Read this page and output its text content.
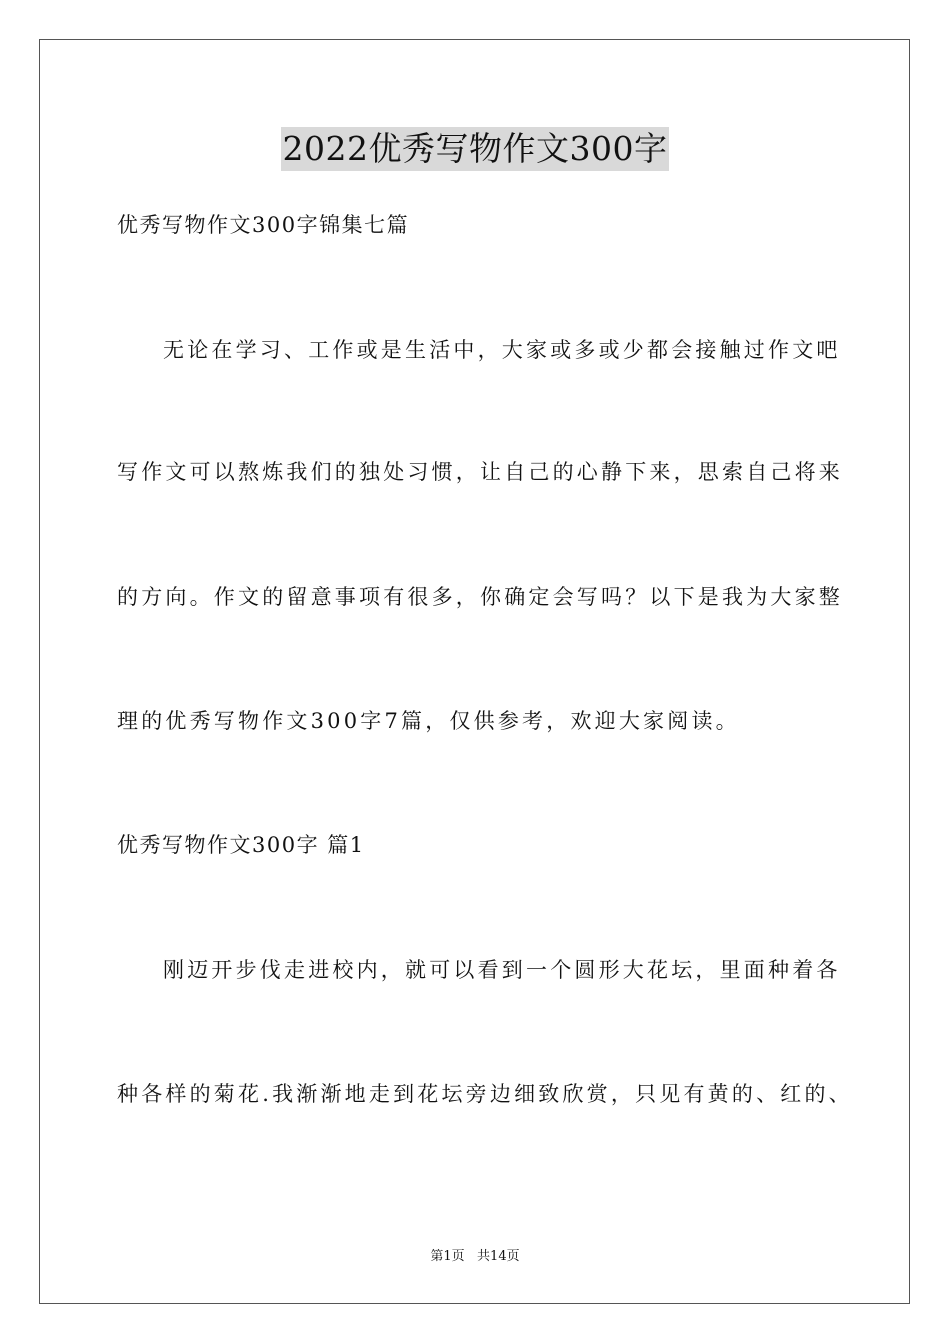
2022优秀写物作文300字
优秀写物作文300字锦集七篇
无论在学习、工作或是生活中，大家或多或少都会接触过作文吧
写作文可以熬炼我们的独处习惯，让自己的心静下来，思索自己将来
的方向。作文的留意事项有很多，你确定会写吗？以下是我为大家整
理的优秀写物作文300字7篇，仅供参考，欢迎大家阅读。
优秀写物作文300字 篇1
刚迈开步伐走进校内，就可以看到一个圆形大花坛，里面种着各
种各样的菊花.我渐渐地走到花坛旁边细致欣赏，只见有黄的、红的、
第1页   共14页
